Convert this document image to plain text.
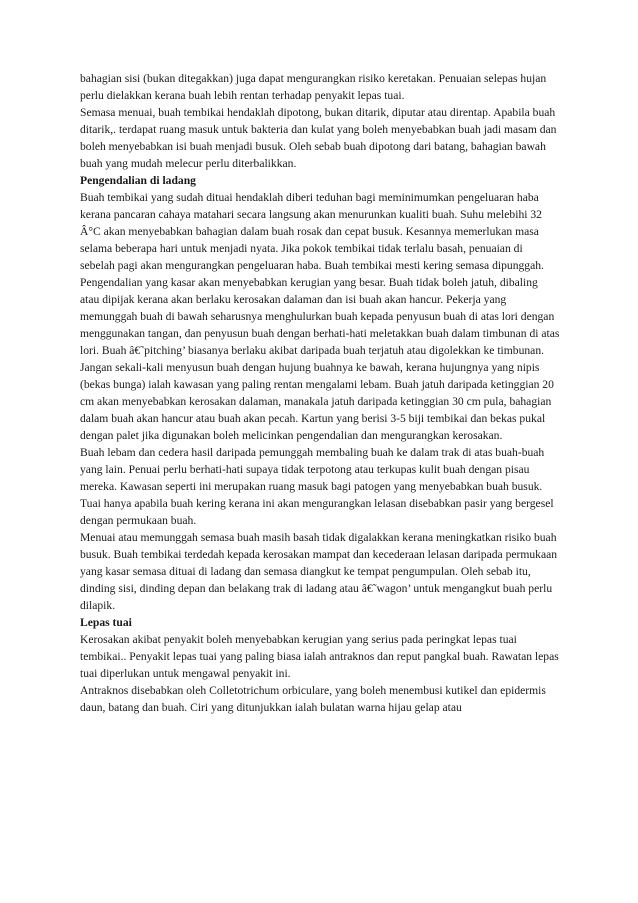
bahagian sisi (bukan ditegakkan) juga dapat mengurangkan risiko keretakan. Penuaian selepas hujan perlu dielakkan kerana buah lebih rentan terhadap penyakit lepas tuai.

Semasa menuai, buah tembikai hendaklah dipotong, bukan ditarik, diputar atau direntap. Apabila buah ditarik,. terdapat ruang masuk untuk bakteria dan kulat yang boleh menyebabkan buah jadi masam dan boleh menyebabkan isi buah menjadi busuk. Oleh sebab buah dipotong dari batang, bahagian bawah buah yang mudah melecur perlu diterbalikkan.

Pengendalian di ladang

Buah tembikai yang sudah dituai hendaklah diberi teduhan bagi meminimumkan pengeluaran haba kerana pancaran cahaya matahari secara langsung akan menurunkan kualiti buah. Suhu melebihi 32 Â°C akan menyebabkan bahagian dalam buah rosak dan cepat busuk. Kesannya memerlukan masa selama beberapa hari untuk menjadi nyata. Jika pokok tembikai tidak terlalu basah, penuaian di sebelah pagi akan mengurangkan pengeluaran haba. Buah tembikai mesti kering semasa dipunggah.

Pengendalian yang kasar akan menyebabkan kerugian yang besar. Buah tidak boleh jatuh, dibaling atau dipijak kerana akan berlaku kerosakan dalaman dan isi buah akan hancur. Pekerja yang memunggah buah di bawah seharusnya menghulurkan buah kepada penyusun buah di atas lori dengan menggunakan tangan, dan penyusun buah dengan berhati-hati meletakkan buah dalam timbunan di atas lori. Buah â€˜pitching’ biasanya berlaku akibat daripada buah terjatuh atau digolekkan ke timbunan. Jangan sekali-kali menyusun buah dengan hujung buahnya ke bawah, kerana hujungnya yang nipis (bekas bunga) ialah kawasan yang paling rentan mengalami lebam. Buah jatuh daripada ketinggian 20 cm akan menyebabkan kerosakan dalaman, manakala jatuh daripada ketinggian 30 cm pula, bahagian dalam buah akan hancur atau buah akan pecah. Kartun yang berisi 3-5 biji tembikai dan bekas pukal dengan palet jika digunakan boleh melicinkan pengendalian dan mengurangkan kerosakan.

Buah lebam dan cedera hasil daripada pemunggah membaling buah ke dalam trak di atas buah-buah yang lain. Penuai perlu berhati-hati supaya tidak terpotong atau terkupas kulit buah dengan pisau mereka. Kawasan seperti ini merupakan ruang masuk bagi patogen yang menyebabkan buah busuk. Tuai hanya apabila buah kering kerana ini akan mengurangkan lelasan disebabkan pasir yang bergesel dengan permukaan buah.

Menuai atau memunggah semasa buah masih basah tidak digalakkan kerana meningkatkan risiko buah busuk. Buah tembikai terdedah kepada kerosakan mampat dan kecederaan lelasan daripada permukaan yang kasar semasa dituai di ladang dan semasa diangkut ke tempat pengumpulan. Oleh sebab itu, dinding sisi, dinding depan dan belakang trak di ladang atau â€˜wagon’ untuk mengangkut buah perlu dilapik.

Lepas tuai

Kerosakan akibat penyakit boleh menyebabkan kerugian yang serius pada peringkat lepas tuai tembikai.. Penyakit lepas tuai yang paling biasa ialah antraknos dan reput pangkal buah. Rawatan lepas tuai diperlukan untuk mengawal penyakit ini.

Antraknos disebabkan oleh Colletotrichum orbiculare, yang boleh menembusi kutikel dan epidermis daun, batang dan buah. Ciri yang ditunjukkan ialah bulatan warna hijau gelap atau
